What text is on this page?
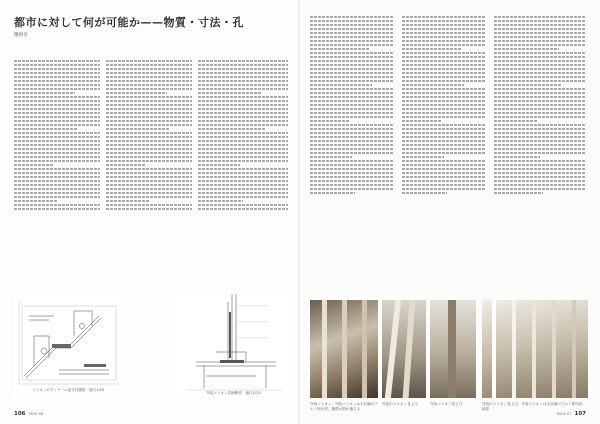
都市に対して何が可能か——物質・寸法・孔
隈研吾
マリオンのディテール部分詳細図　縮尺1/15
外装マリオン詳細断面　縮尺1/15
106 PAGE 06
外装マリオン。外装マリオンは木目調のアルミ押出材。鋳鉄の影が落ちる
外装のマリオン見上げ	外装マリオン見上げ	外装のマリオン見上げ。外装マリオンは木目調のアルミ押出材。地窓
PAGE 07 107
